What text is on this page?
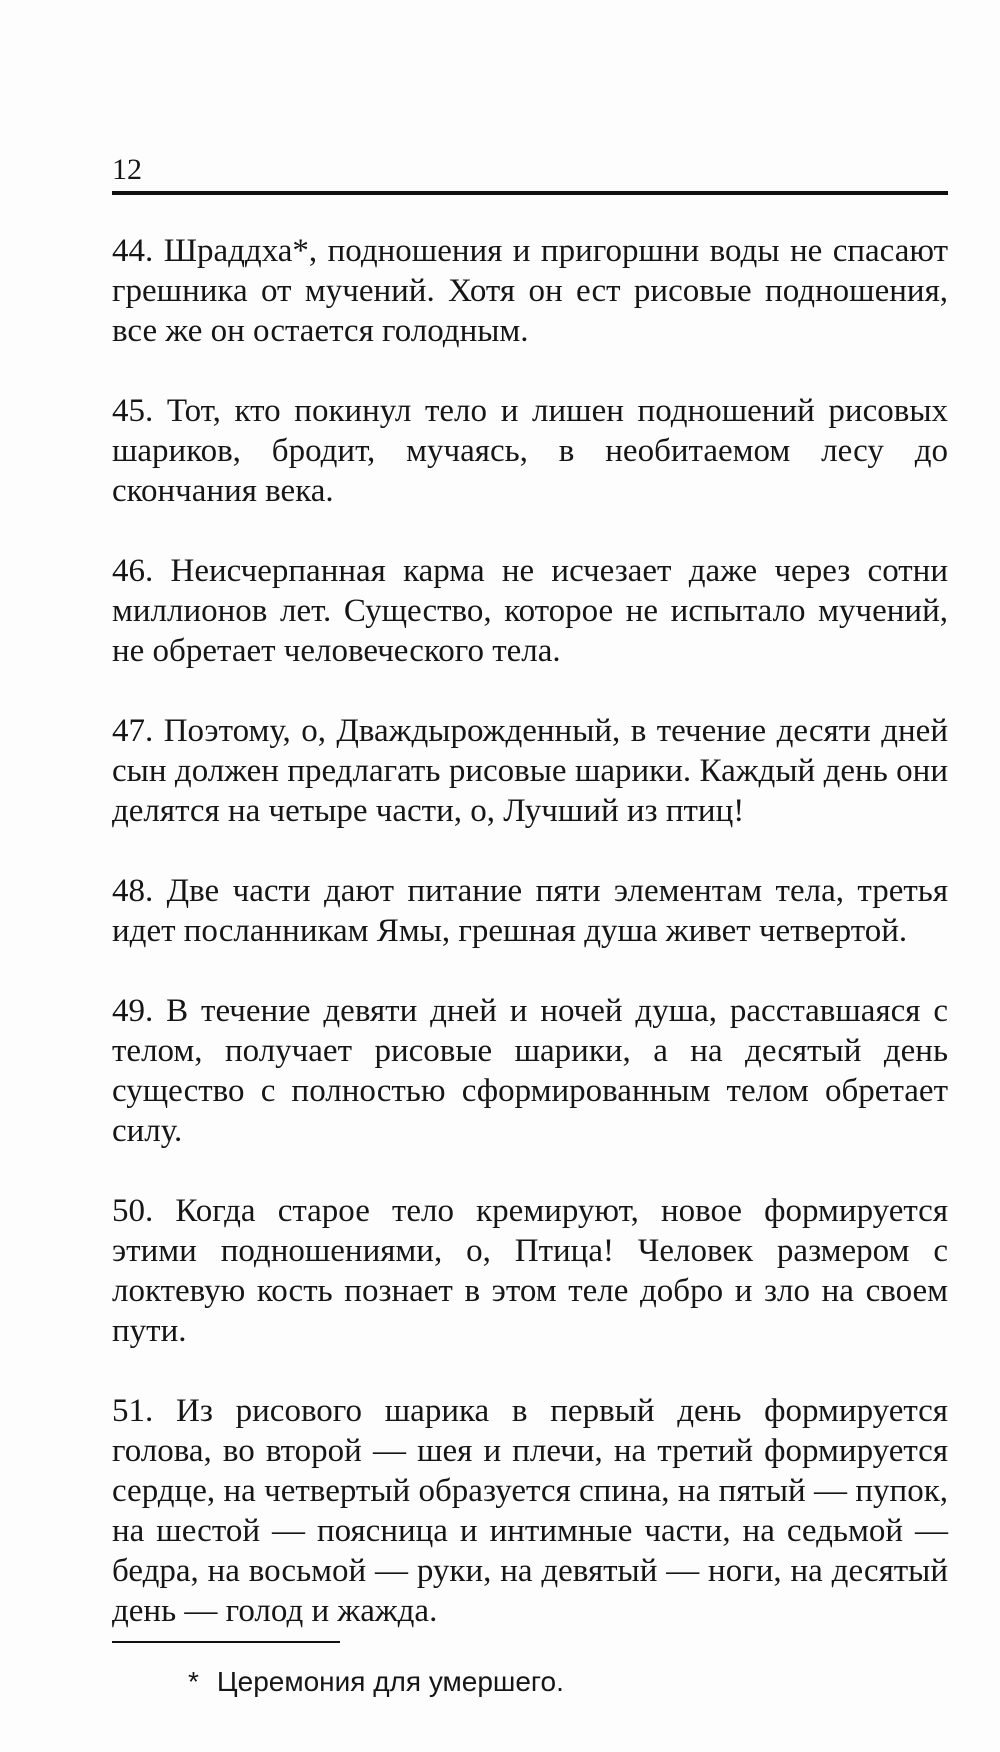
12

44. Шраддха*, подношения и пригоршни воды не спасают грешника от мучений. Хотя он ест рисовые подношения, все же он остается голодным.

45. Тот, кто покинул тело и лишен подношений рисовых шариков, бродит, мучаясь, в необитаемом лесу до скончания века.

46. Неисчерпанная карма не исчезает даже через сотни миллионов лет. Существо, которое не испытало мучений, не обретает человеческого тела.

47. Поэтому, о, Дваждырожденный, в течение десяти дней сын должен предлагать рисовые шарики. Каждый день они делятся на четыре части, о, Лучший из птиц!

48. Две части дают питание пяти элементам тела, третья идет посланникам Ямы, грешная душа живет четвертой.

49. В течение девяти дней и ночей душа, расставшаяся с телом, получает рисовые шарики, а на десятый день существо с полностью сформированным телом обретает силу.

50. Когда старое тело кремируют, новое формируется этими подношениями, о, Птица! Человек размером с локтевую кость познает в этом теле добро и зло на своем пути.

51. Из рисового шарика в первый день формируется голова, во второй — шея и плечи, на третий формируется сердце, на четвертый образуется спина, на пятый — пупок, на шестой — поясница и интимные части, на седьмой — бедра, на восьмой — руки, на девятый — ноги, на десятый день — голод и жажда.

* Церемония для умершего.
